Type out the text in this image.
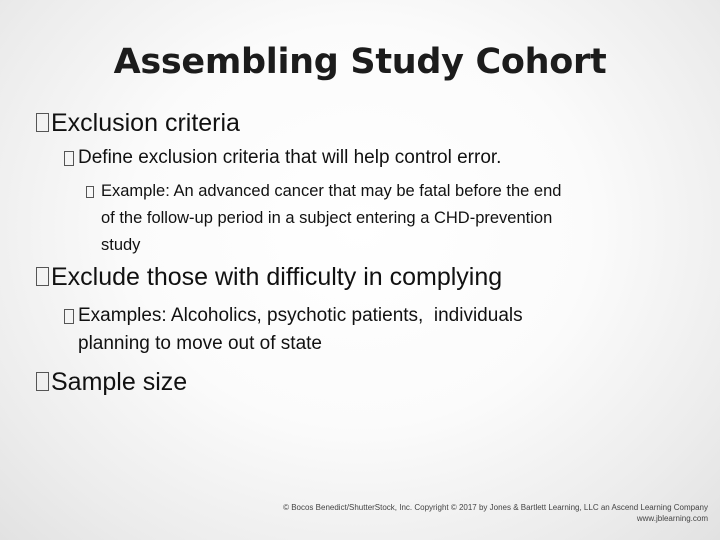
Assembling Study Cohort
Exclusion criteria
Define exclusion criteria that will help control error.
Example: An advanced cancer that may be fatal before the end
of the follow-up period in a subject entering a CHD-prevention
study
Exclude those with difficulty in complying
Examples: Alcoholics, psychotic patients,  individuals
planning to move out of state
Sample size
© Bocos Benedict/ShutterStock, Inc. Copyright © 2017 by Jones & Bartlett Learning, LLC an Ascend Learning Company
www.jblearning.com
